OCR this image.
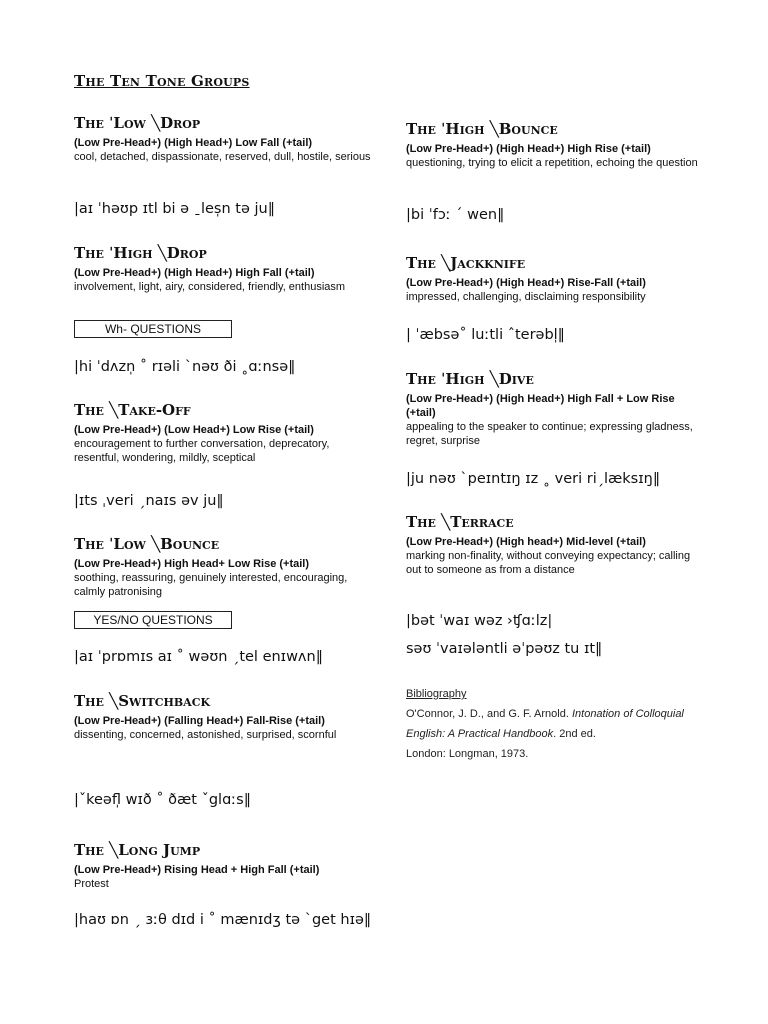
The Ten Tone Groups
The ˈLow ╲Drop
(Low Pre-Head+) (High Head+) Low Fall (+tail)
cool, detached, dispassionate, reserved, dull, hostile, serious
|aɪ ˈhəʊp ɪtl bi ə ˍles̩n tə ju‖
The ˈHigh ╲Drop
(Low Pre-Head+) (High Head+) High Fall (+tail)
involvement, light, airy, considered, friendly, enthusiasm
Wh- QUESTIONS
|hi ˈdʌzn̩ ˚ rɪəli ˋnəʊ ði ˳ɑːnsə‖
The ╲Take-Off
(Low Pre-Head+) (Low Head+) Low Rise (+tail)
encouragement to further conversation, deprecatory, resentful, wondering, mildly, sceptical
|ɪts ˌveri ˏnaɪs əv ju‖
The ˈLow ╲Bounce
(Low Pre-Head+) High Head+ Low Rise (+tail)
soothing, reassuring, genuinely interested, encouraging, calmly patronising
YES/NO QUESTIONS
|aɪ ˈprɒmɪs aɪ ˚ wəʊn ˏtel enɪwʌn‖
The ╲Switchback
(Low Pre-Head+) (Falling Head+) Fall-Rise (+tail)
dissenting, concerned, astonished, surprised, scornful
|ˇkeəfl̩ wɪð ˚ ðæt ˇglɑːs‖
The ╲Long Jump
(Low Pre-Head+) Rising Head + High Fall (+tail)
Protest
|haʊ ɒn ˏ ɜːθ dɪd i ˚ mænɪdʒ tə ˋget hɪə‖
The ˈHigh ╲Bounce
(Low Pre-Head+) (High Head+) High Rise (+tail)
questioning, trying to elicit a repetition, echoing the question
|bi ˈfɔː ˊ wen‖
The ╲Jackknife
(Low Pre-Head+) (High Head+) Rise-Fall (+tail)
impressed, challenging, disclaiming responsibility
| ˈæbsə˚ luːtli ˆterəbl̩‖
The ˈHigh ╲Dive
(Low Pre-Head+) (High Head+) High Fall + Low Rise (+tail)
appealing to the speaker to continue; expressing gladness, regret, surprise
|ju nəʊ ˋpeɪntɪŋ ɪz ˳ veri riˏlæksɪŋ‖
The ╲Terrace
(Low Pre-Head+) (High head+) Mid-level (+tail)
marking non-finality, without conveying expectancy; calling out to someone as from a distance
|bət ˈwaɪ wəz ›ʧɑːlz|
səʊ ˈvaɪələntli əˈpəʊz tu ɪt‖
Bibliography
O'Connor, J. D., and G. F. Arnold. Intonation of Colloquial English: A Practical Handbook. 2nd ed.
London: Longman, 1973.
